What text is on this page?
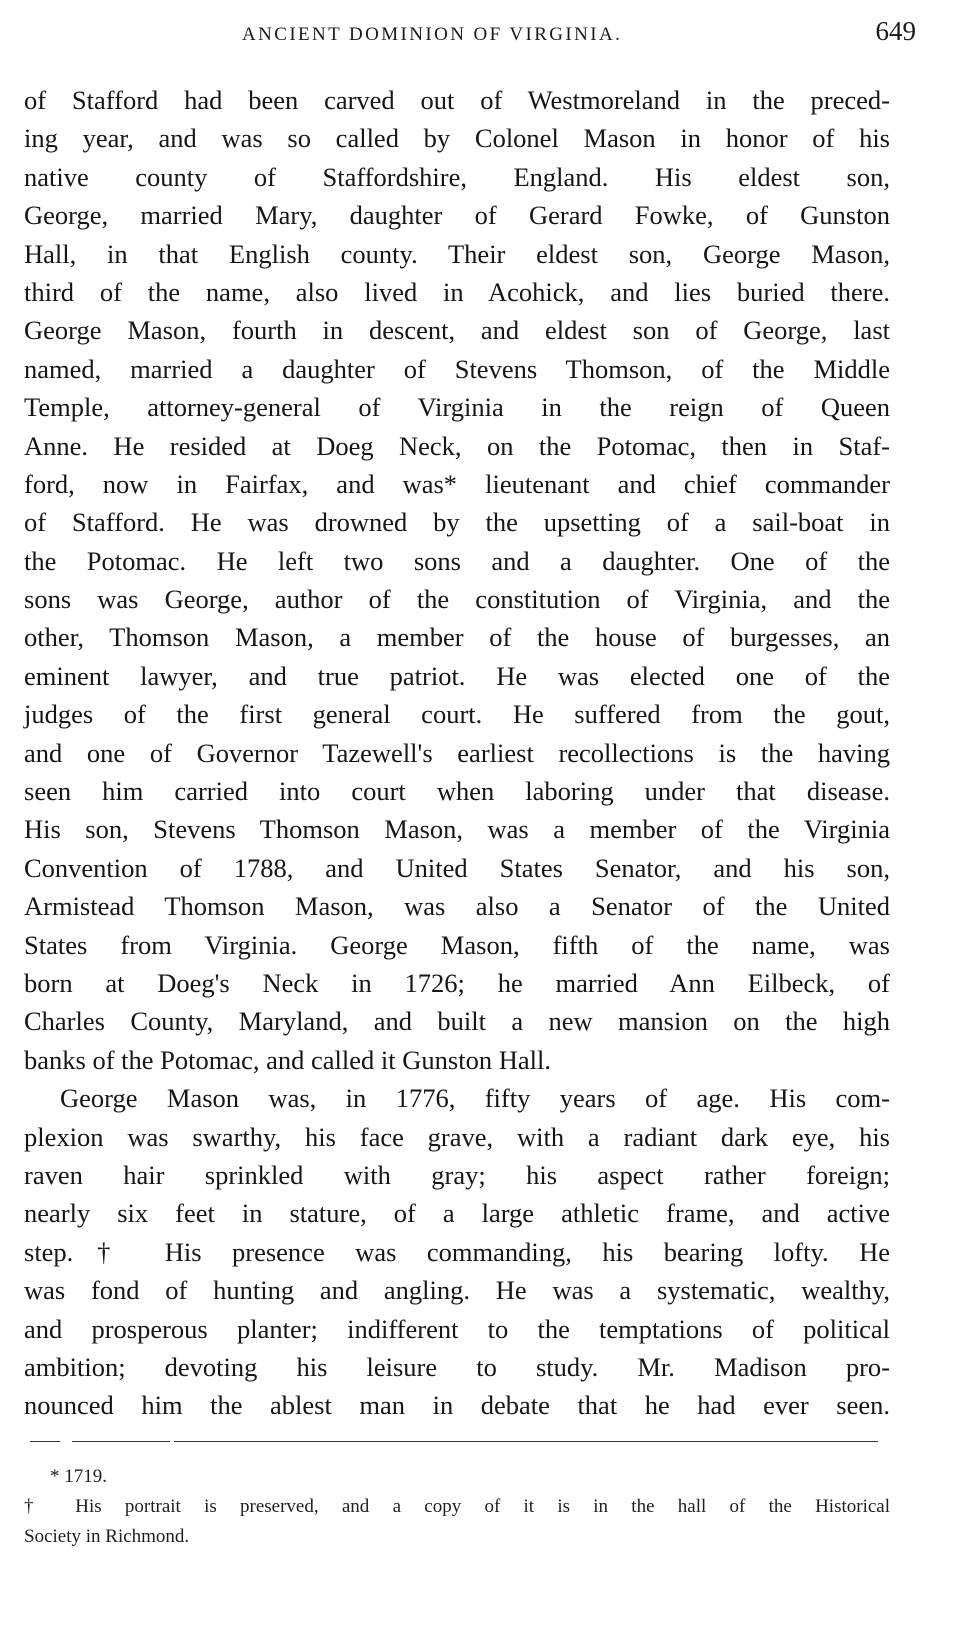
ANCIENT DOMINION OF VIRGINIA.	649
of Stafford had been carved out of Westmoreland in the preced-
ing year, and was so called by Colonel Mason in honor of his
native county of Staffordshire, England. His eldest son,
George, married Mary, daughter of Gerard Fowke, of Gunston
Hall, in that English county. Their eldest son, George Mason,
third of the name, also lived in Acohick, and lies buried there.
George Mason, fourth in descent, and eldest son of George, last
named, married a daughter of Stevens Thomson, of the Middle
Temple, attorney-general of Virginia in the reign of Queen
Anne. He resided at Doeg Neck, on the Potomac, then in Staf-
ford, now in Fairfax, and was* lieutenant and chief commander
of Stafford. He was drowned by the upsetting of a sail-boat in
the Potomac. He left two sons and a daughter. One of the
sons was George, author of the constitution of Virginia, and the
other, Thomson Mason, a member of the house of burgesses, an
eminent lawyer, and true patriot. He was elected one of the
judges of the first general court. He suffered from the gout,
and one of Governor Tazewell's earliest recollections is the having
seen him carried into court when laboring under that disease.
His son, Stevens Thomson Mason, was a member of the Virginia
Convention of 1788, and United States Senator, and his son,
Armistead Thomson Mason, was also a Senator of the United
States from Virginia. George Mason, fifth of the name, was
born at Doeg's Neck in 1726; he married Ann Eilbeck, of
Charles County, Maryland, and built a new mansion on the high
banks of the Potomac, and called it Gunston Hall.
George Mason was, in 1776, fifty years of age. His com-
plexion was swarthy, his face grave, with a radiant dark eye, his
raven hair sprinkled with gray; his aspect rather foreign;
nearly six feet in stature, of a large athletic frame, and active
step.† His presence was commanding, his bearing lofty. He
was fond of hunting and angling. He was a systematic, wealthy,
and prosperous planter; indifferent to the temptations of political
ambition; devoting his leisure to study. Mr. Madison pro-
nounced him the ablest man in debate that he had ever seen.
* 1719.
† His portrait is preserved, and a copy of it is in the hall of the Historical
Society in Richmond.
